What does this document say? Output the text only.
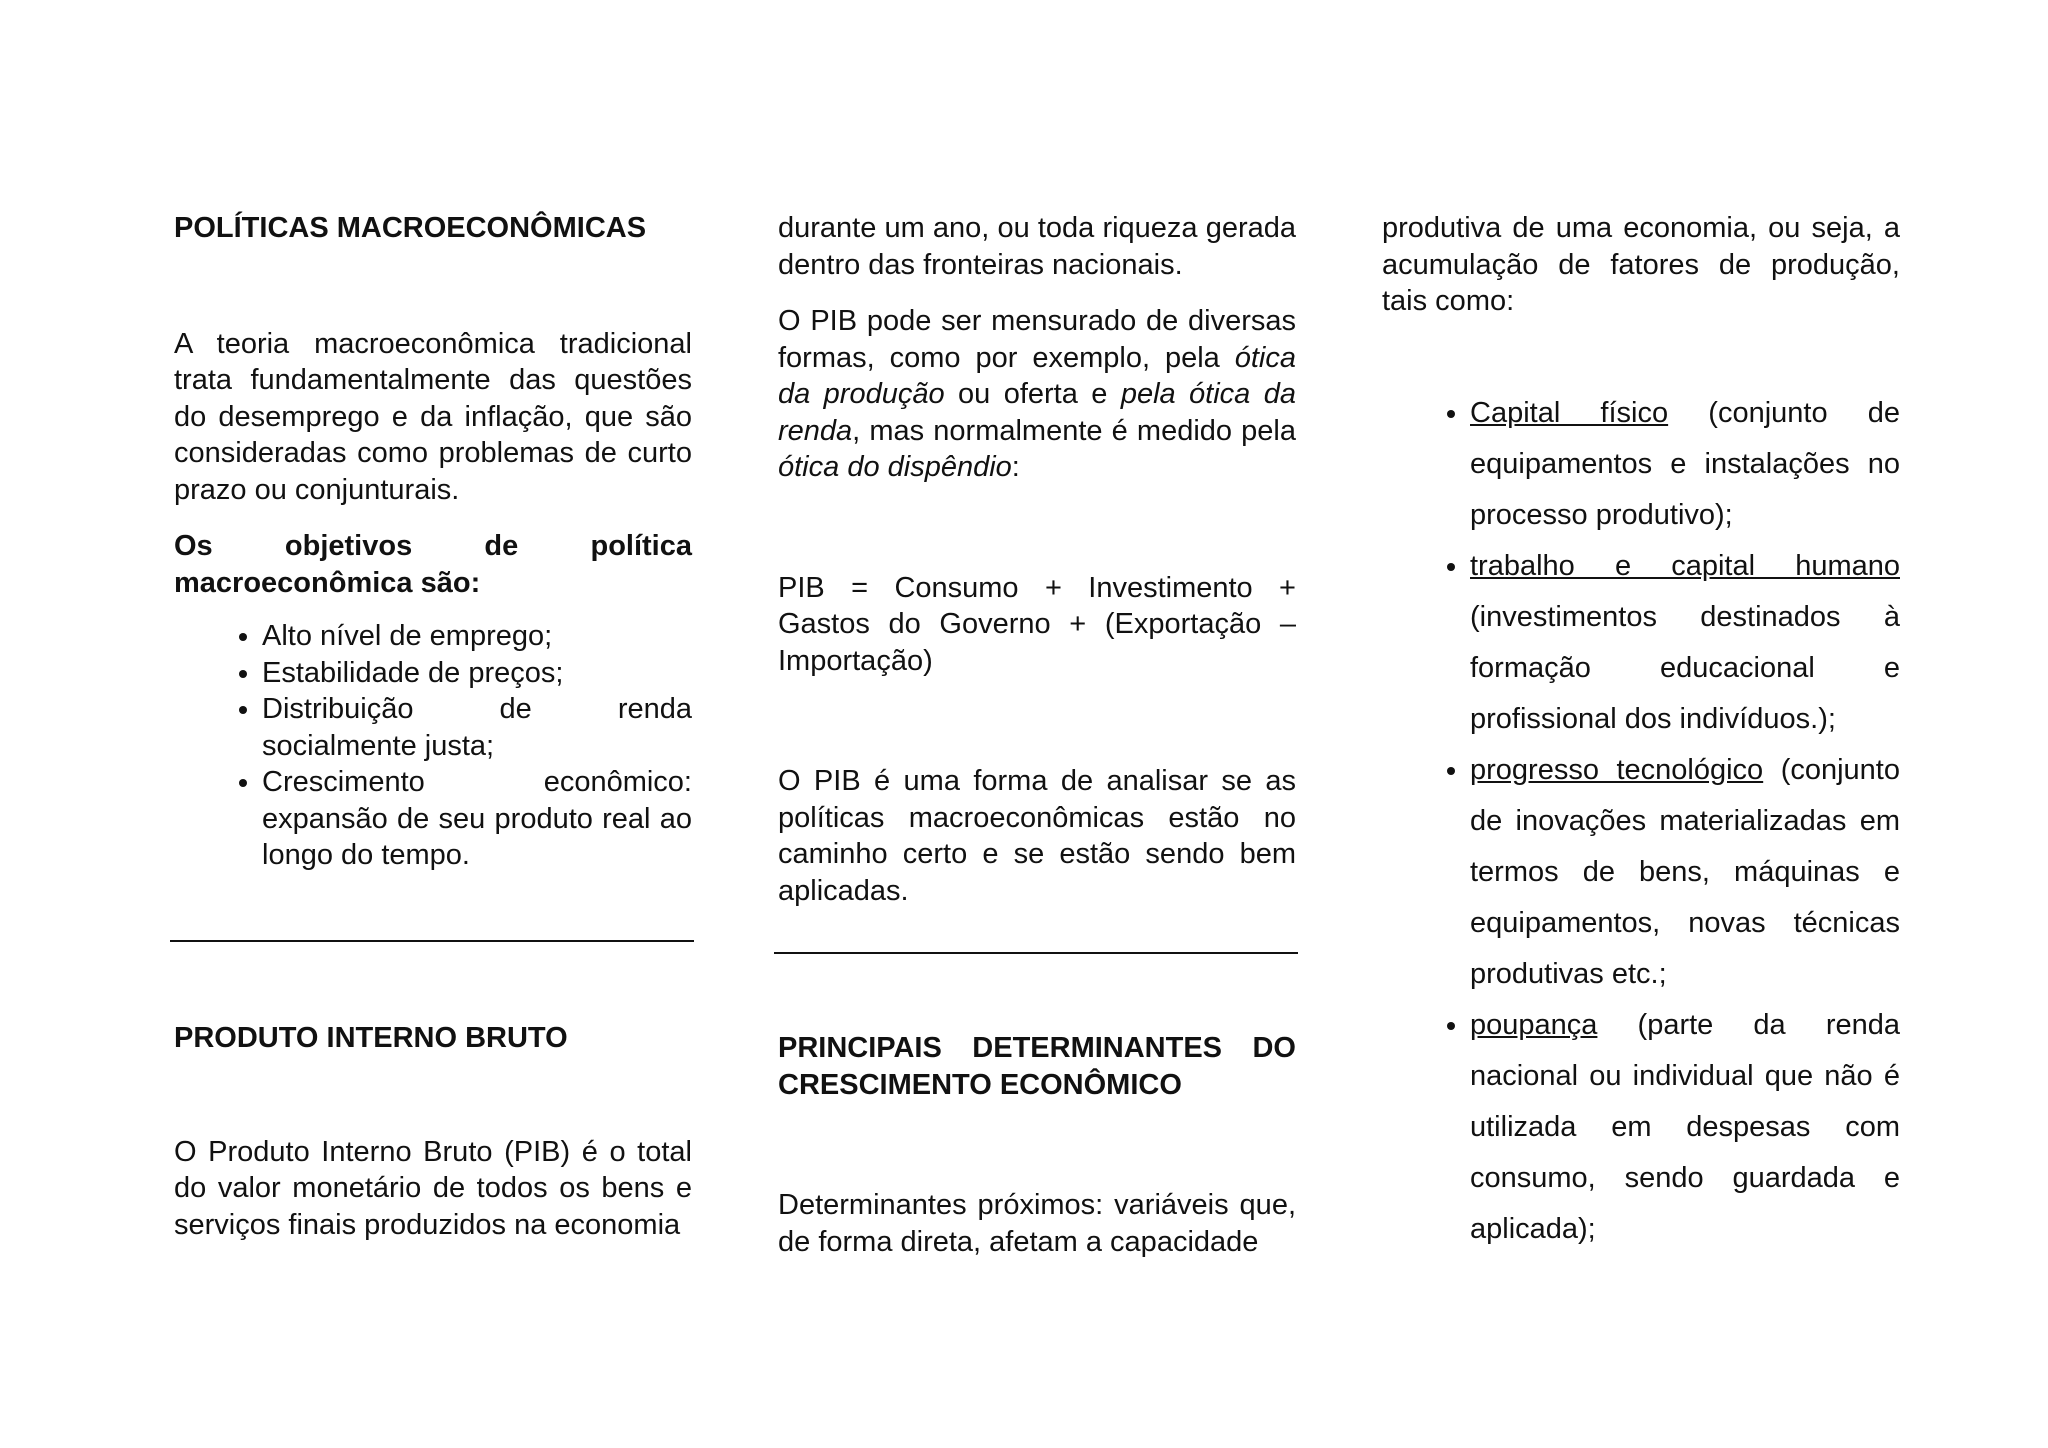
POLÍTICAS MACROECONÔMICAS

A teoria macroeconômica tradicional trata fundamentalmente das questões do desemprego e da inflação, que são consideradas como problemas de curto prazo ou conjunturais.

Os objetivos de política macroeconômica são:

• Alto nível de emprego;
• Estabilidade de preços;
• Distribuição de renda socialmente justa;
• Crescimento econômico: expansão de seu produto real ao longo do tempo.
PRODUTO INTERNO BRUTO

O Produto Interno Bruto (PIB) é o total do valor monetário de todos os bens e serviços finais produzidos na economia

durante um ano, ou toda riqueza gerada dentro das fronteiras nacionais.

O PIB pode ser mensurado de diversas formas, como por exemplo, pela ótica da produção ou oferta e pela ótica da renda, mas normalmente é medido pela ótica do dispêndio:

PIB = Consumo + Investimento + Gastos do Governo + (Exportação – Importação)

O PIB é uma forma de analisar se as políticas macroeconômicas estão no caminho certo e se estão sendo bem aplicadas.

PRINCIPAIS DETERMINANTES DO CRESCIMENTO ECONÔMICO

Determinantes próximos: variáveis que, de forma direta, afetam a capacidade

produtiva de uma economia, ou seja, a acumulação de fatores de produção, tais como:

• Capital físico (conjunto de equipamentos e instalações no processo produtivo);
• trabalho e capital humano (investimentos destinados à formação educacional e profissional dos indivíduos.);
• progresso tecnológico (conjunto de inovações materializadas em termos de bens, máquinas e equipamentos, novas técnicas produtivas etc.;
• poupança (parte da renda nacional ou individual que não é utilizada em despesas com consumo, sendo guardada e aplicada);
